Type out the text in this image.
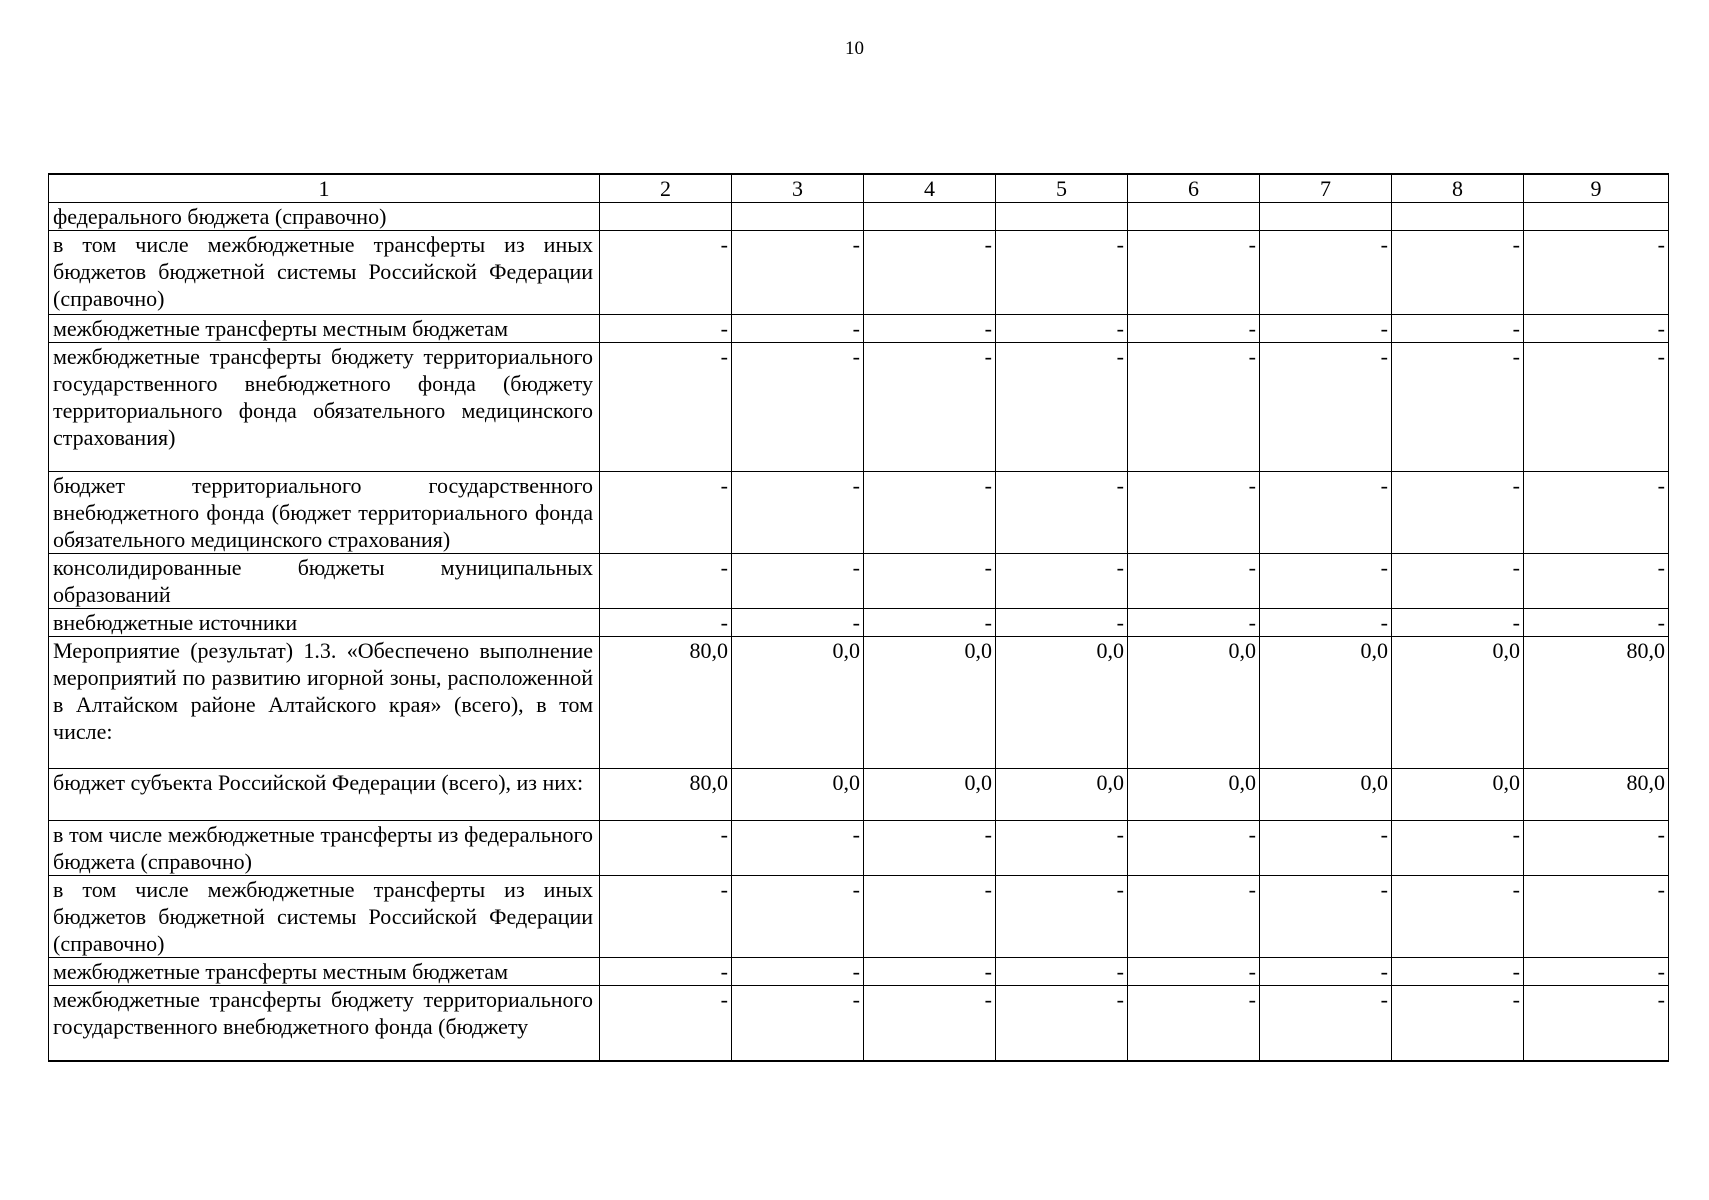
10
1	2	3	4	5	6	7	8	9
федерального бюджета (справочно)								
в том числе межбюджетные трансферты из иных бюджетов бюджетной системы Российской Федерации (справочно)	-	-	-	-	-	-	-	-
межбюджетные трансферты местным бюджетам	-	-	-	-	-	-	-	-
межбюджетные трансферты бюджету территориального государственного внебюджетного фонда (бюджету территориального фонда обязательного медицинского страхования)	-	-	-	-	-	-	-	-
бюджет территориального государственного внебюджетного фонда (бюджет территориального фонда обязательного медицинского страхования)	-	-	-	-	-	-	-	-
консолидированные бюджеты муниципальных образований	-	-	-	-	-	-	-	-
внебюджетные источники	-	-	-	-	-	-	-	-
Мероприятие (результат) 1.3. «Обеспечено выполнение мероприятий по развитию игорной зоны, расположенной в Алтайском районе Алтайского края» (всего), в том числе:	80,0	0,0	0,0	0,0	0,0	0,0	0,0	80,0
бюджет субъекта Российской Федерации (всего), из них:	80,0	0,0	0,0	0,0	0,0	0,0	0,0	80,0
в том числе межбюджетные трансферты из федерального бюджета (справочно)	-	-	-	-	-	-	-	-
в том числе межбюджетные трансферты из иных бюджетов бюджетной системы Российской Федерации (справочно)	-	-	-	-	-	-	-	-
межбюджетные трансферты местным бюджетам	-	-	-	-	-	-	-	-
межбюджетные трансферты бюджету территориального государственного внебюджетного фонда (бюджету	-	-	-	-	-	-	-	-
